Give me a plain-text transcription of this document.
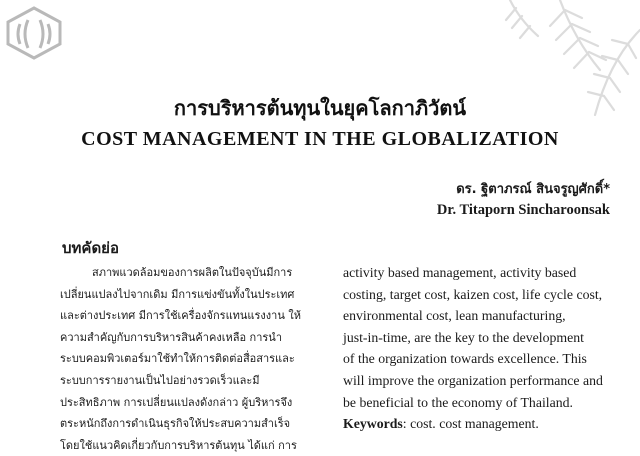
การบริหารต้นทุนในยุคโลกาภิวัตน์
COST MANAGEMENT IN THE GLOBALIZATION
ดร. ฐิตาภรณ์ สินจรูญศักดิ์*
Dr. Titaporn Sincharoonsak
บทคัดย่อ
สภาพแวดล้อมของการผลิตในปัจจุบันมีการ
เปลี่ยนแปลงไปจากเดิม มีการแข่งขันทั้งในประเทศ
และต่างประเทศ มีการใช้เครื่องจักรแทนแรงงาน ให้
ความสำคัญกับการบริหารสินค้าคงเหลือ การนำ
ระบบคอมพิวเตอร์มาใช้ทำให้การติดต่อสื่อสารและ
ระบบการรายงานเป็นไปอย่างรวดเร็วและมี
ประสิทธิภาพ การเปลี่ยนแปลงดังกล่าว ผู้บริหารจึง
ตระหนักถึงการดำเนินธุรกิจให้ประสบความสำเร็จ
โดยใช้แนวคิดเกี่ยวกับการบริหารต้นทุน ได้แก่ การ
activity based management, activity based
costing, target cost, kaizen cost, life cycle cost,
environmental cost, lean manufacturing,
just-in-time, are the key to the development
of the organization towards excellence. This
will improve the organization performance and
be beneficial to the economy of Thailand.
Keywords : cost. cost management.
